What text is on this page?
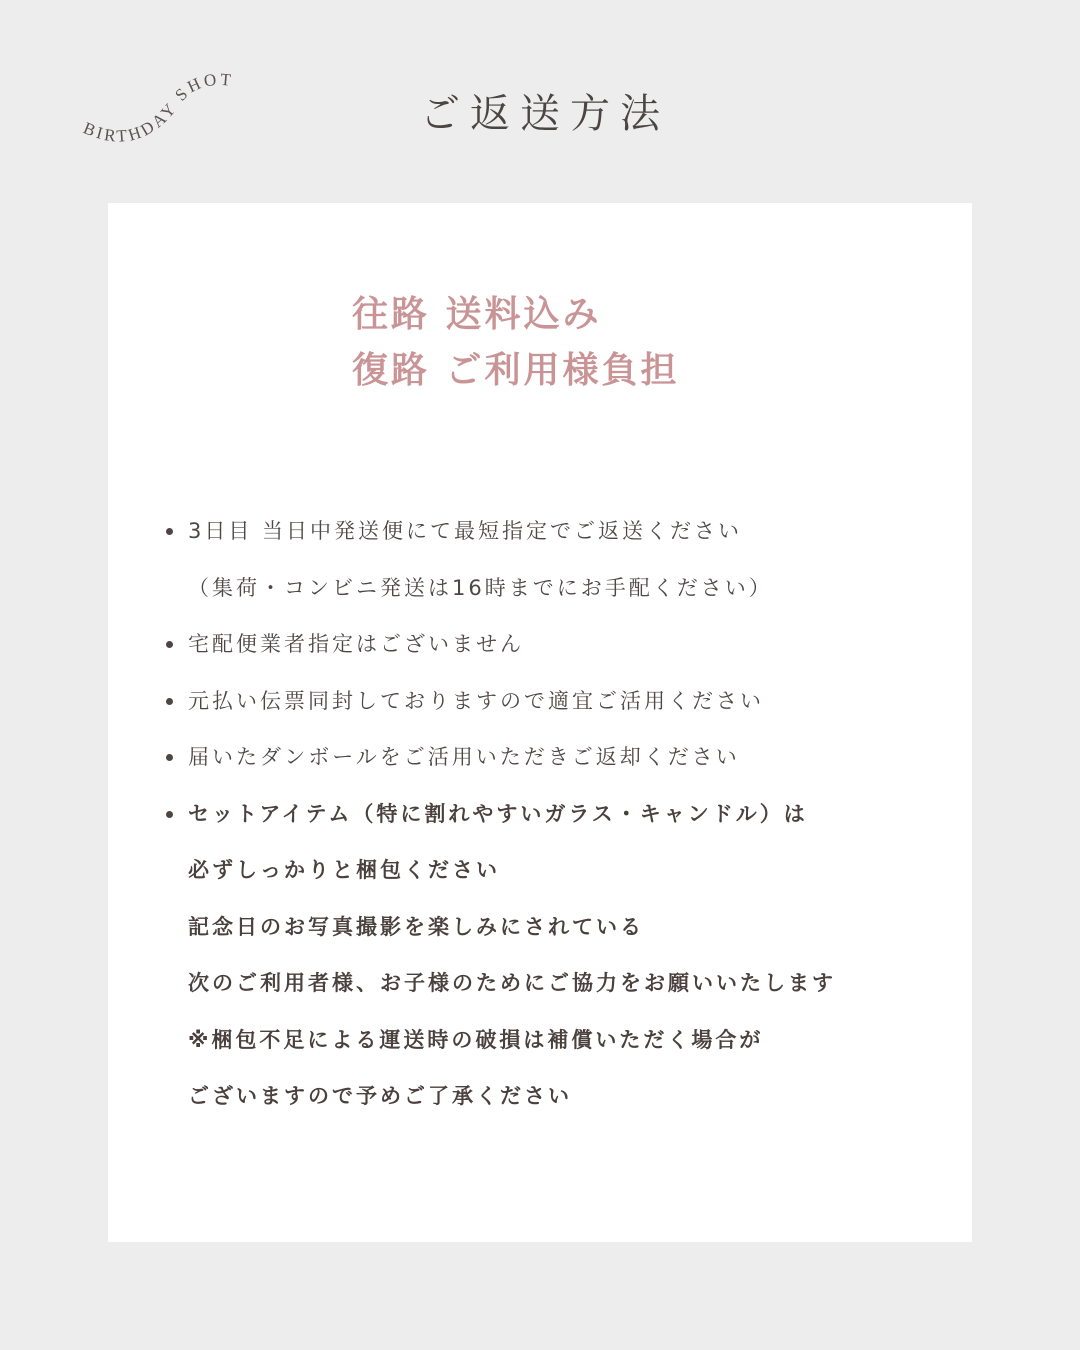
BIRTHDAY SHOT
ご返送方法
往路 送料込み
復路 ご利用様負担
3日目 当日中発送便にて最短指定でご返送ください
（集荷・コンビニ発送は16時までにお手配ください）
宅配便業者指定はございません
元払い伝票同封しておりますので適宜ご活用ください
届いたダンボールをご活用いただきご返却ください
セットアイテム（特に割れやすいガラス・キャンドル）は
必ずしっかりと梱包ください
記念日のお写真撮影を楽しみにされている
次のご利用者様、お子様のためにご協力をお願いいたします
※梱包不足による運送時の破損は補償いただく場合が
ございますので予めご了承ください
